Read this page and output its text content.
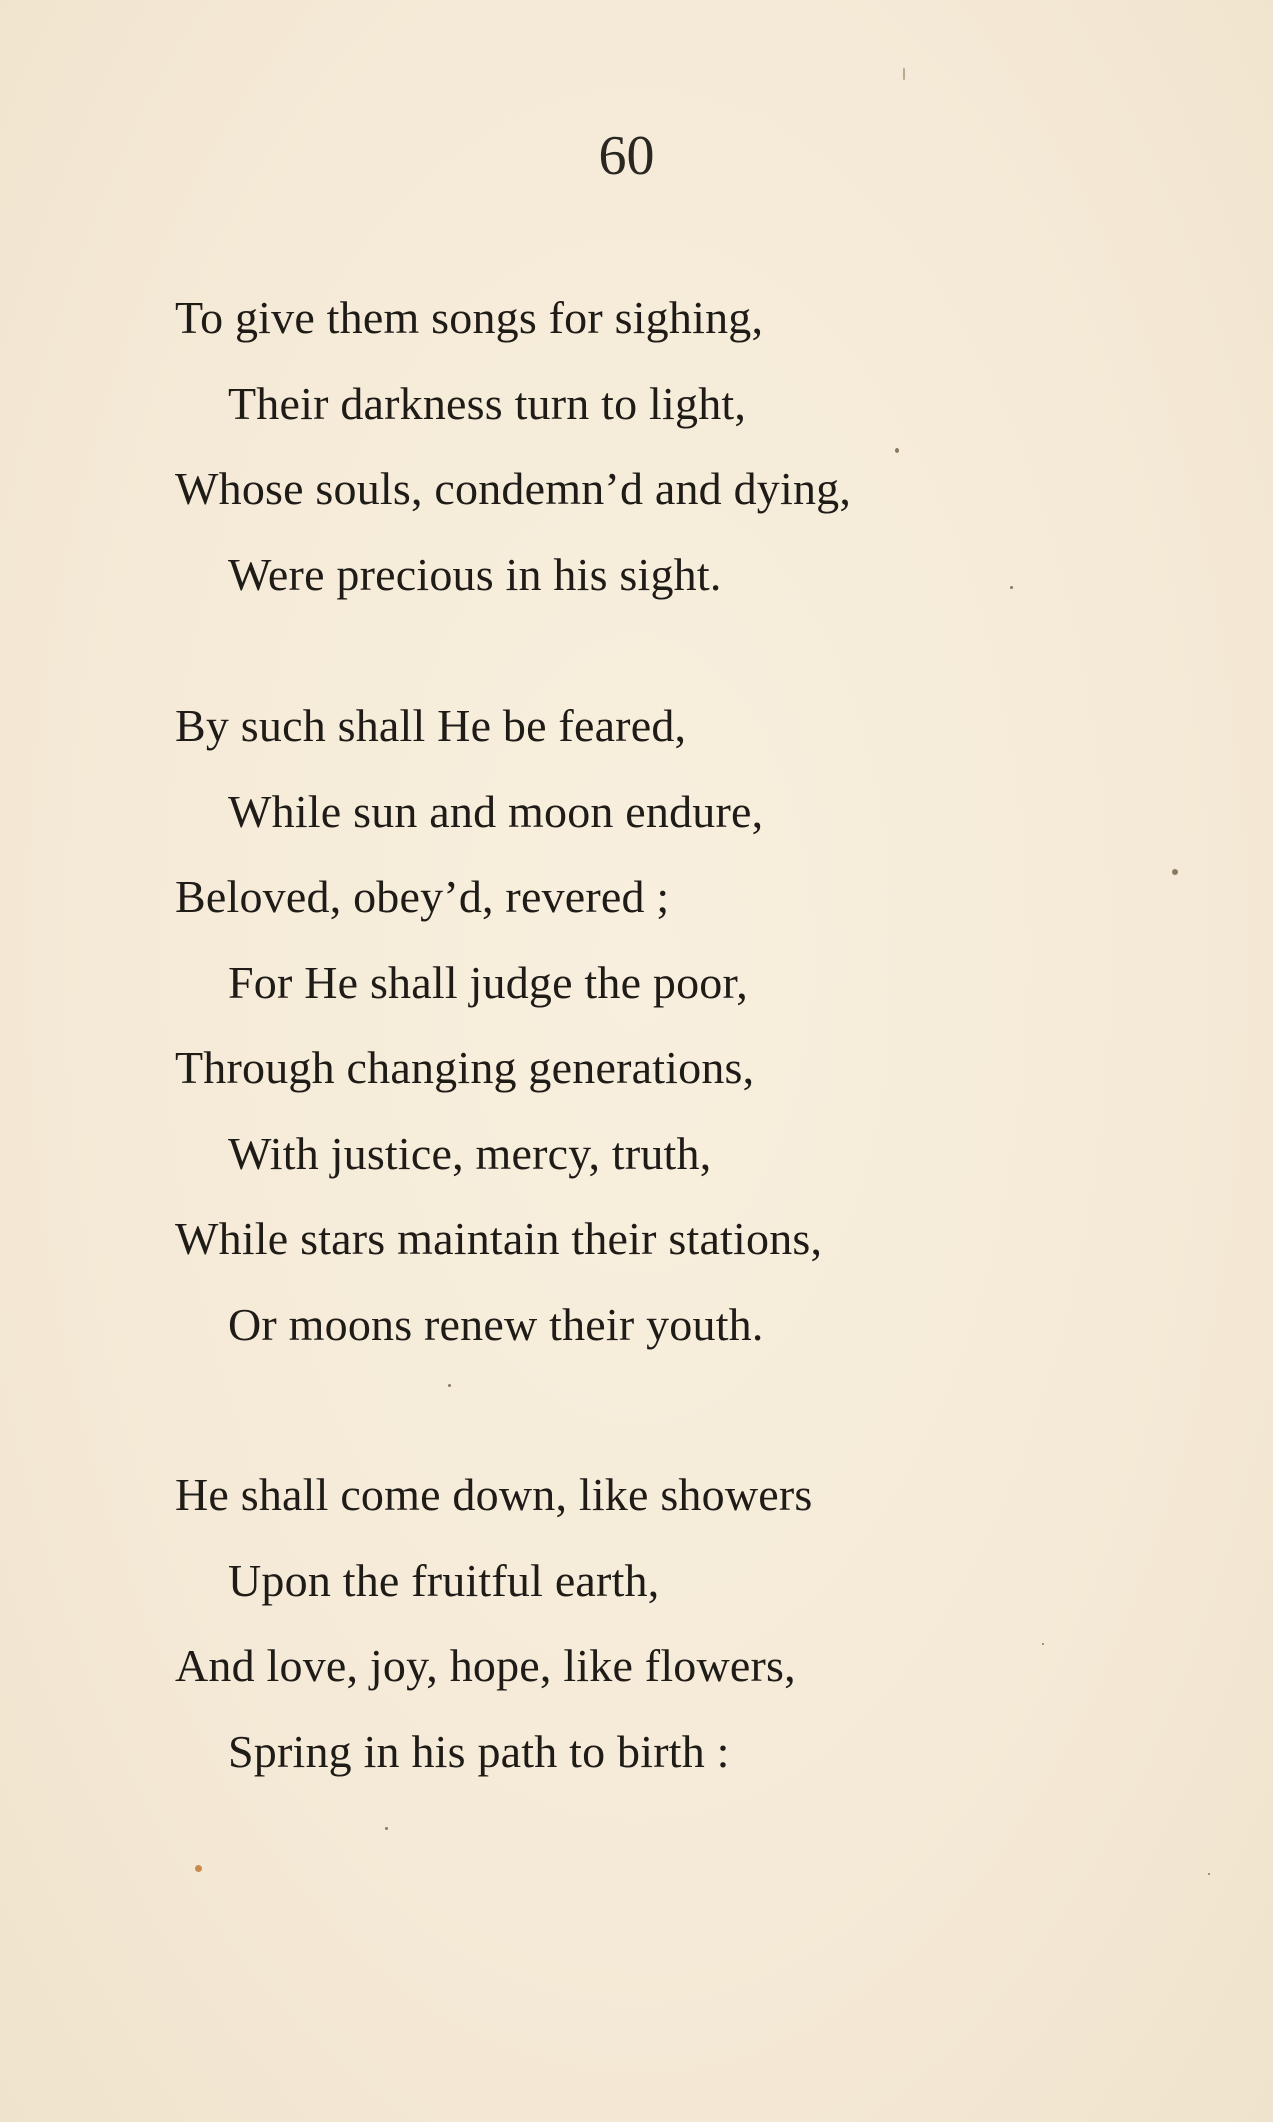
60
To give them songs for sighing,
Their darkness turn to light,
Whose souls, condemn’d and dying,
Were precious in his sight.
By such shall He be feared,
While sun and moon endure,
Beloved, obey’d, revered ;
For He shall judge the poor,
Through changing generations,
With justice, mercy, truth,
While stars maintain their stations,
Or moons renew their youth.
He shall come down, like showers
Upon the fruitful earth,
And love, joy, hope, like flowers,
Spring in his path to birth :
